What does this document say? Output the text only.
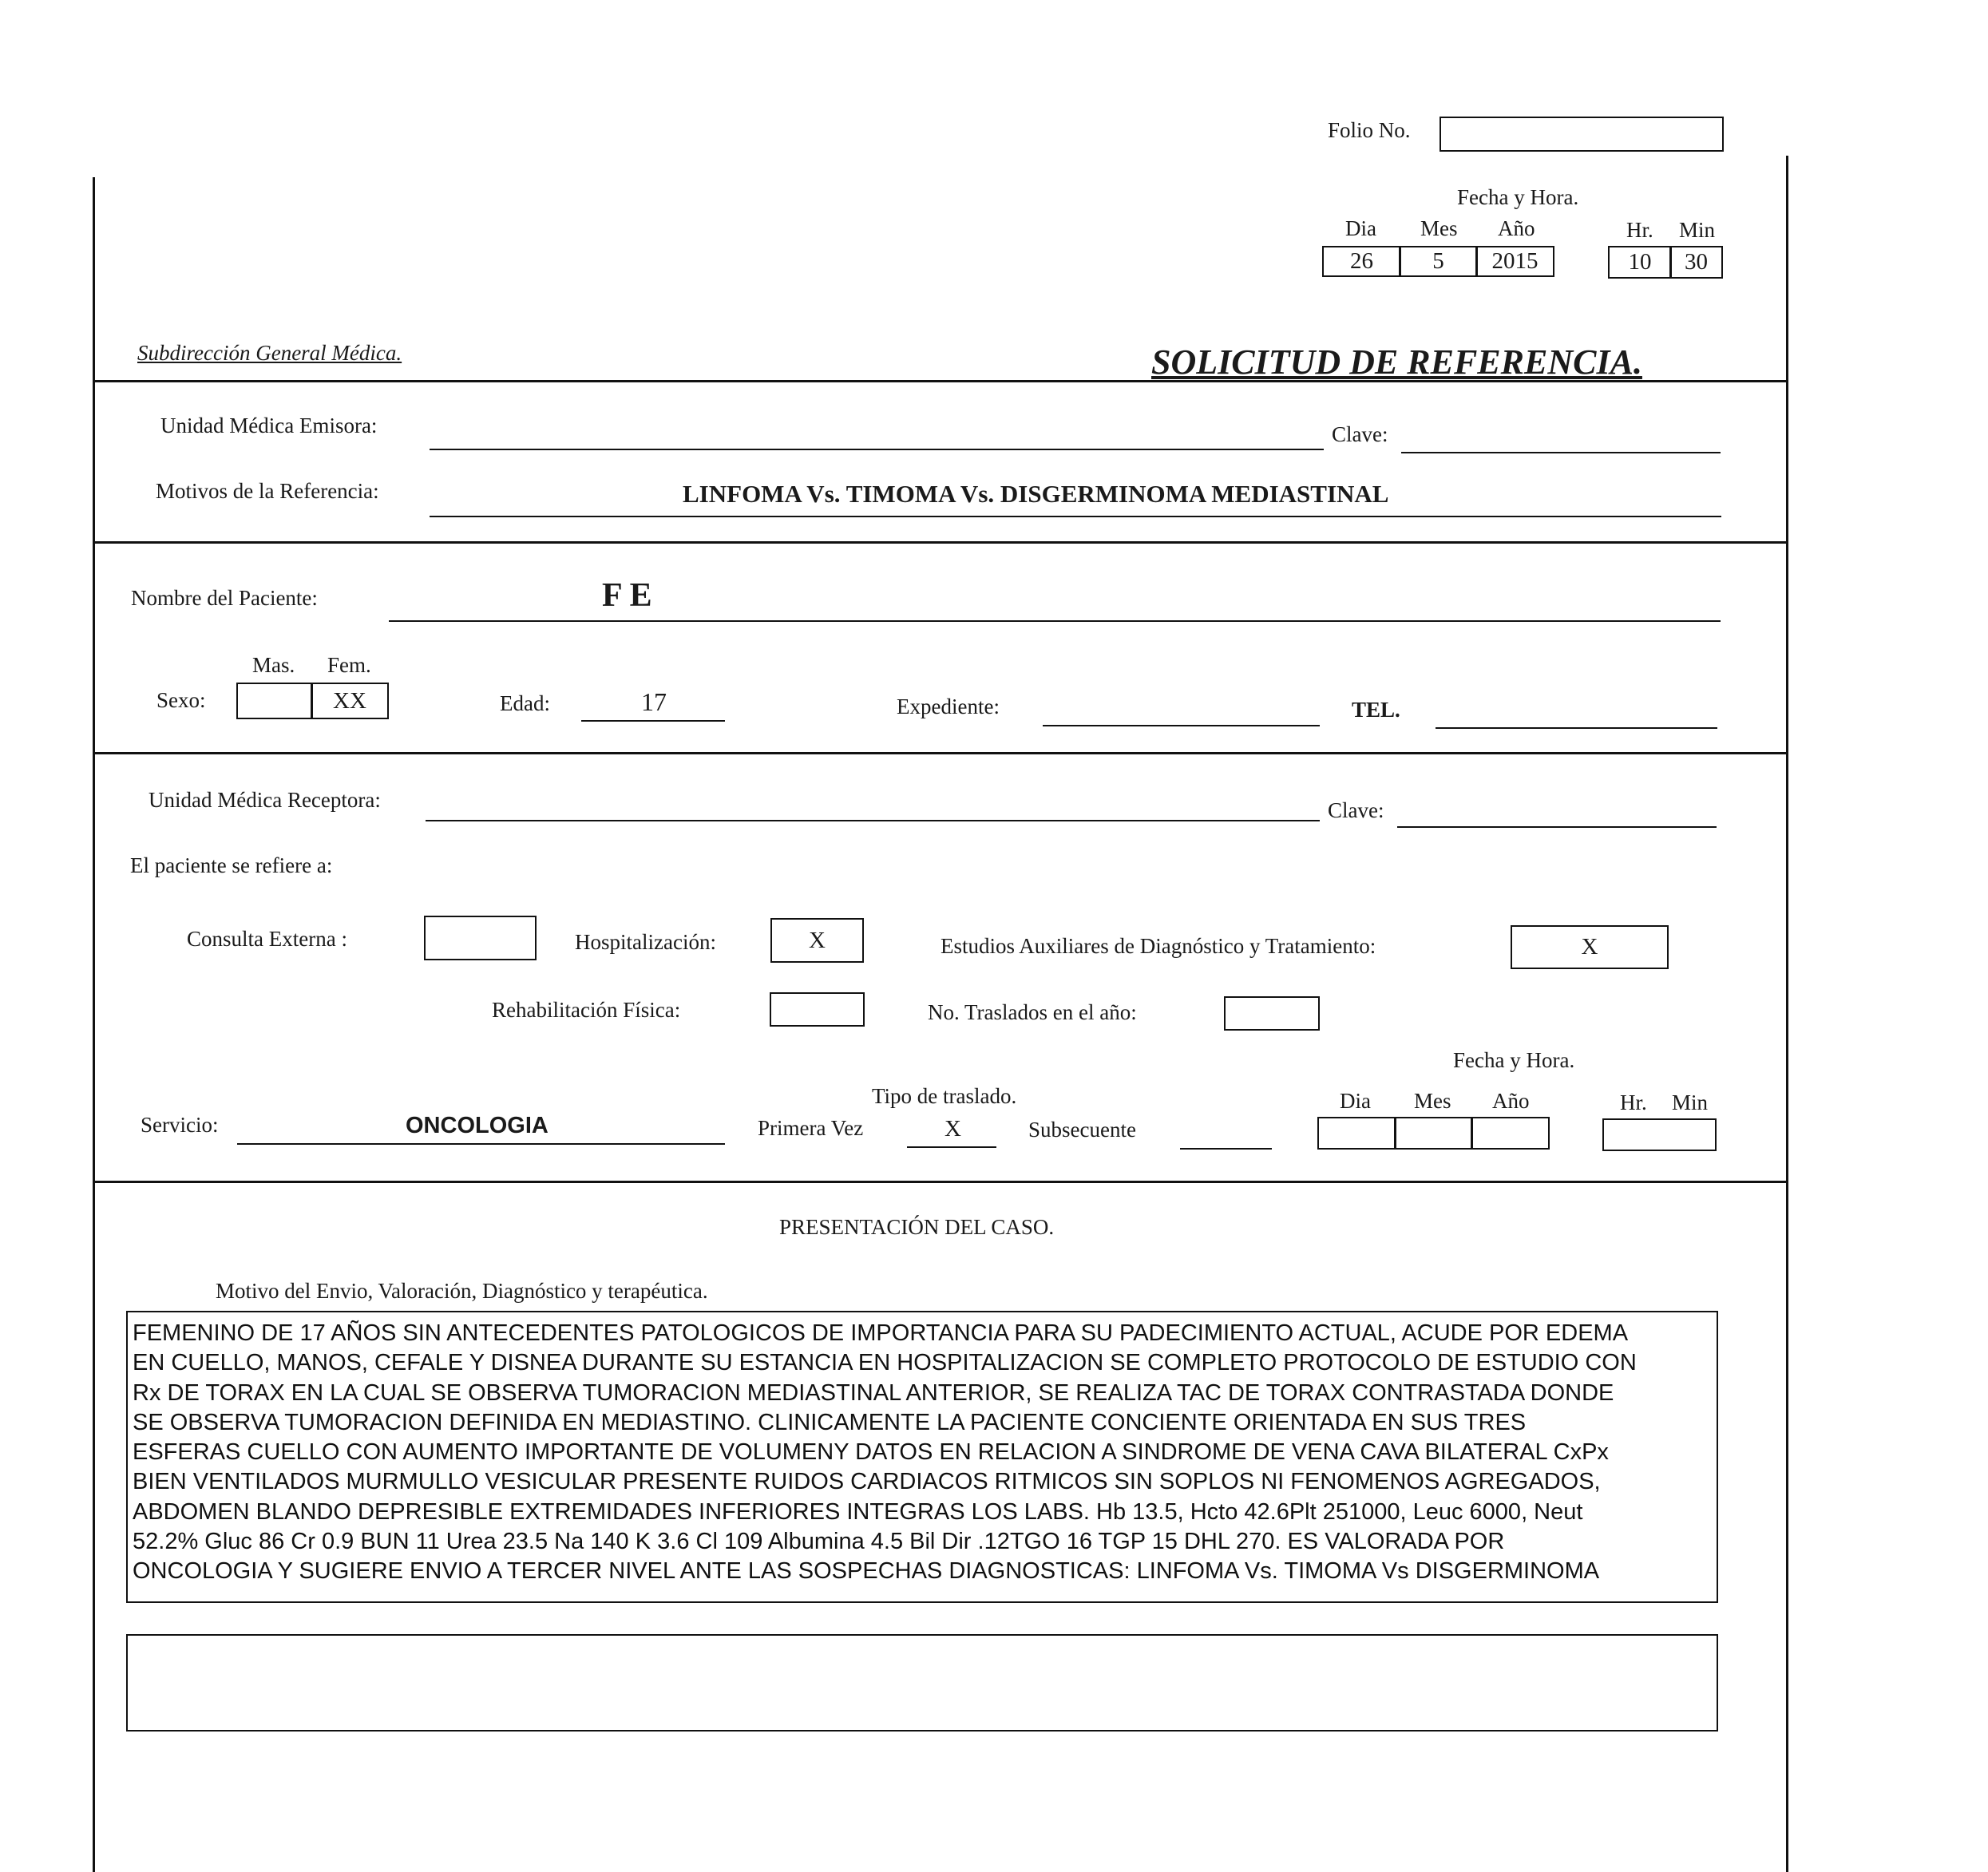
Folio No.
Fecha y Hora.
Dia Mes Año	Hr. Min
26	5 2015	10 30
Subdirección General Médica.	SOLICITUD DE REFERENCIA.
Unidad Médica Emisora:	Clave:
Motivos de la Referencia:	LINFOMA Vs. TIMOMA Vs. DISGERMINOMA MEDIASTINAL
Nombre del Paciente:	F E
Mas. Fem.
Sexo:	XX	Edad:	17	Expediente:	TEL.
Unidad Médica Receptora:	Clave:
El paciente se refiere a:
Consulta Externa :	Hospitalización:	X	Estudios Auxiliares de Diagnóstico y Tratamiento:	X
Rehabilitación Física:	No. Traslados en el año:
Fecha y Hora.
Dia Mes Año	Hr. Min
Servicio:	ONCOLOGIA
Tipo de traslado.
Primera Vez	X	Subsecuente
PRESENTACIÓN DEL CASO.
Motivo del Envio, Valoración, Diagnóstico y terapéutica.
FEMENINO DE 17 AÑOS SIN ANTECEDENTES PATOLOGICOS DE IMPORTANCIA PARA SU PADECIMIENTO ACTUAL, ACUDE POR EDEMA
EN CUELLO, MANOS, CEFALE Y DISNEA DURANTE SU ESTANCIA EN HOSPITALIZACION SE COMPLETO PROTOCOLO DE ESTUDIO CON
Rx DE TORAX EN LA CUAL SE OBSERVA TUMORACION MEDIASTINAL ANTERIOR, SE REALIZA TAC DE TORAX CONTRASTADA DONDE
SE OBSERVA TUMORACION DEFINIDA EN MEDIASTINO. CLINICAMENTE LA PACIENTE CONCIENTE ORIENTADA EN SUS TRES
ESFERAS CUELLO CON AUMENTO IMPORTANTE DE VOLUMENY DATOS EN RELACION A SINDROME DE VENA CAVA BILATERAL CxPx
BIEN VENTILADOS MURMULLO VESICULAR PRESENTE RUIDOS CARDIACOS RITMICOS SIN SOPLOS NI FENOMENOS AGREGADOS,
ABDOMEN BLANDO DEPRESIBLE EXTREMIDADES INFERIORES INTEGRAS LOS LABS. Hb 13.5, Hcto 42.6Plt 251000, Leuc 6000, Neut
52.2% Gluc 86 Cr 0.9 BUN 11 Urea 23.5 Na 140 K 3.6 Cl 109 Albumina 4.5 Bil Dir .12TGO 16 TGP 15 DHL 270. ES VALORADA POR
ONCOLOGIA Y SUGIERE ENVIO A TERCER NIVEL ANTE LAS SOSPECHAS DIAGNOSTICAS: LINFOMA Vs. TIMOMA Vs DISGERMINOMA
